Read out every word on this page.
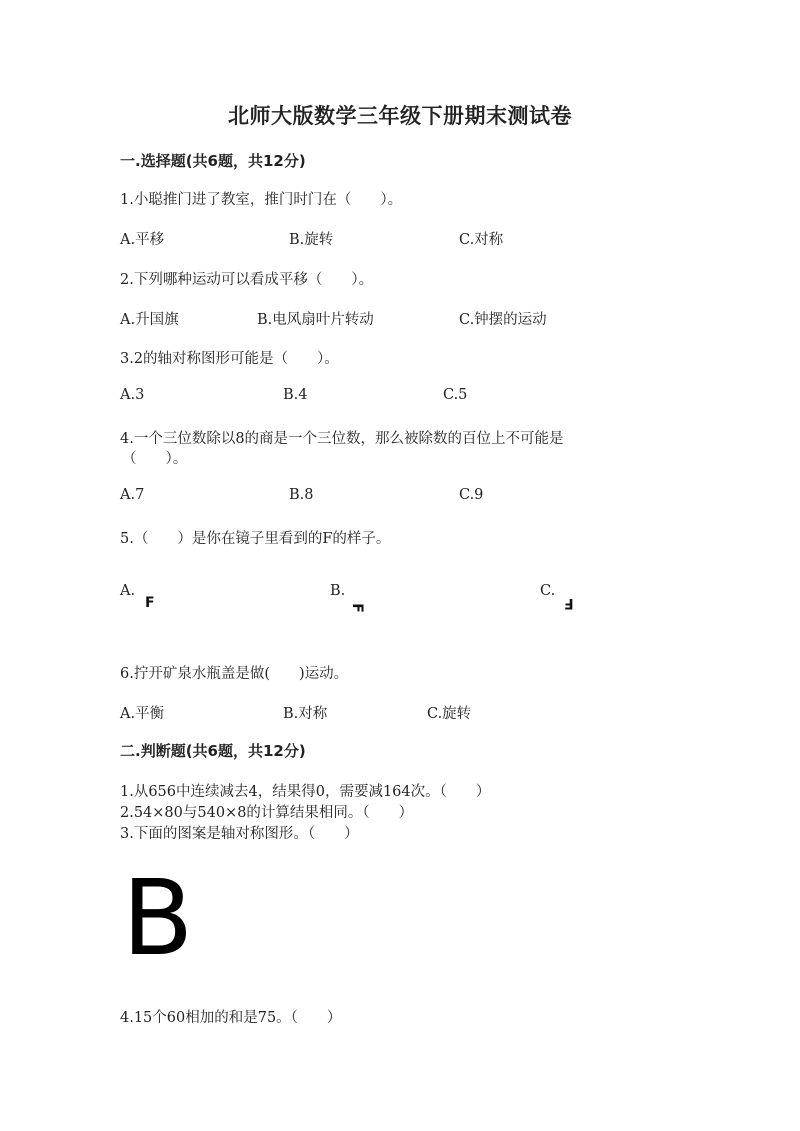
北师大版数学三年级下册期末测试卷
一.选择题(共6题，共12分)
1.小聪推门进了教室，推门时门在（　　）。
A.平移	B.旋转	C.对称
2.下列哪种运动可以看成平移（　　）。
A.升国旗	B.电风扇叶片转动	C.钟摆的运动
3.2的轴对称图形可能是（　　）。
A.3	B.4	C.5
4.一个三位数除以8的商是一个三位数，那么被除数的百位上不可能是
（　　）。
A.7	B.8	C.9
5.（　　）是你在镜子里看到的F的样子。
A.
F
B.
F
C.
F
6.拧开矿泉水瓶盖是做(　　)运动。
A.平衡	B.对称	C.旋转
二.判断题(共6题，共12分)
1.从656中连续减去4，结果得0，需要减164次。（　　）
2.54×80与540×8的计算结果相同。（　　）
3.下面的图案是轴对称图形。（　　）
B
4.15个60相加的和是75。（　　）
